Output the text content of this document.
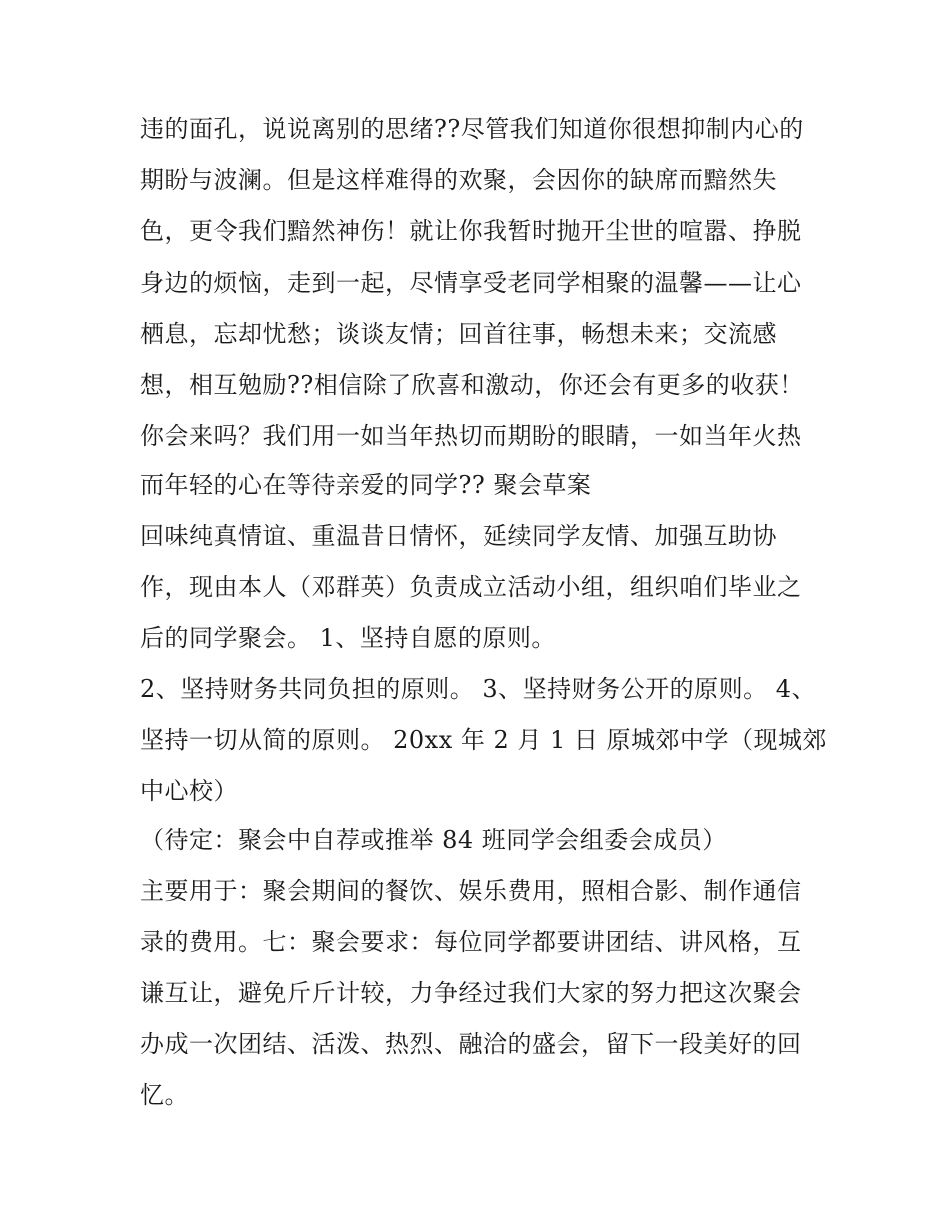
违的面孔，说说离别的思绪??尽管我们知道你很想抑制内心的
期盼与波澜。但是这样难得的欢聚，会因你的缺席而黯然失
色，更令我们黯然神伤！就让你我暂时抛开尘世的喧嚣、挣脱
身边的烦恼，走到一起，尽情享受老同学相聚的温馨——让心
栖息，忘却忧愁；谈谈友情；回首往事，畅想未来；交流感
想，相互勉励??相信除了欣喜和激动，你还会有更多的收获！
你会来吗？我们用一如当年热切而期盼的眼睛，一如当年火热
而年轻的心在等待亲爱的同学?? 聚会草案
回味纯真情谊、重温昔日情怀，延续同学友情、加强互助协
作，现由本人（邓群英）负责成立活动小组，组织咱们毕业之
后的同学聚会。 1、坚持自愿的原则。
2、坚持财务共同负担的原则。 3、坚持财务公开的原则。 4、
坚持一切从简的原则。 20xx 年 2 月 1 日 原城郊中学（现城郊
中心校）
（待定：聚会中自荐或推举 84 班同学会组委会成员）
主要用于：聚会期间的餐饮、娱乐费用，照相合影、制作通信
录的费用。七：聚会要求：每位同学都要讲团结、讲风格，互
谦互让，避免斤斤计较，力争经过我们大家的努力把这次聚会
办成一次团结、活泼、热烈、融洽的盛会，留下一段美好的回
忆。
